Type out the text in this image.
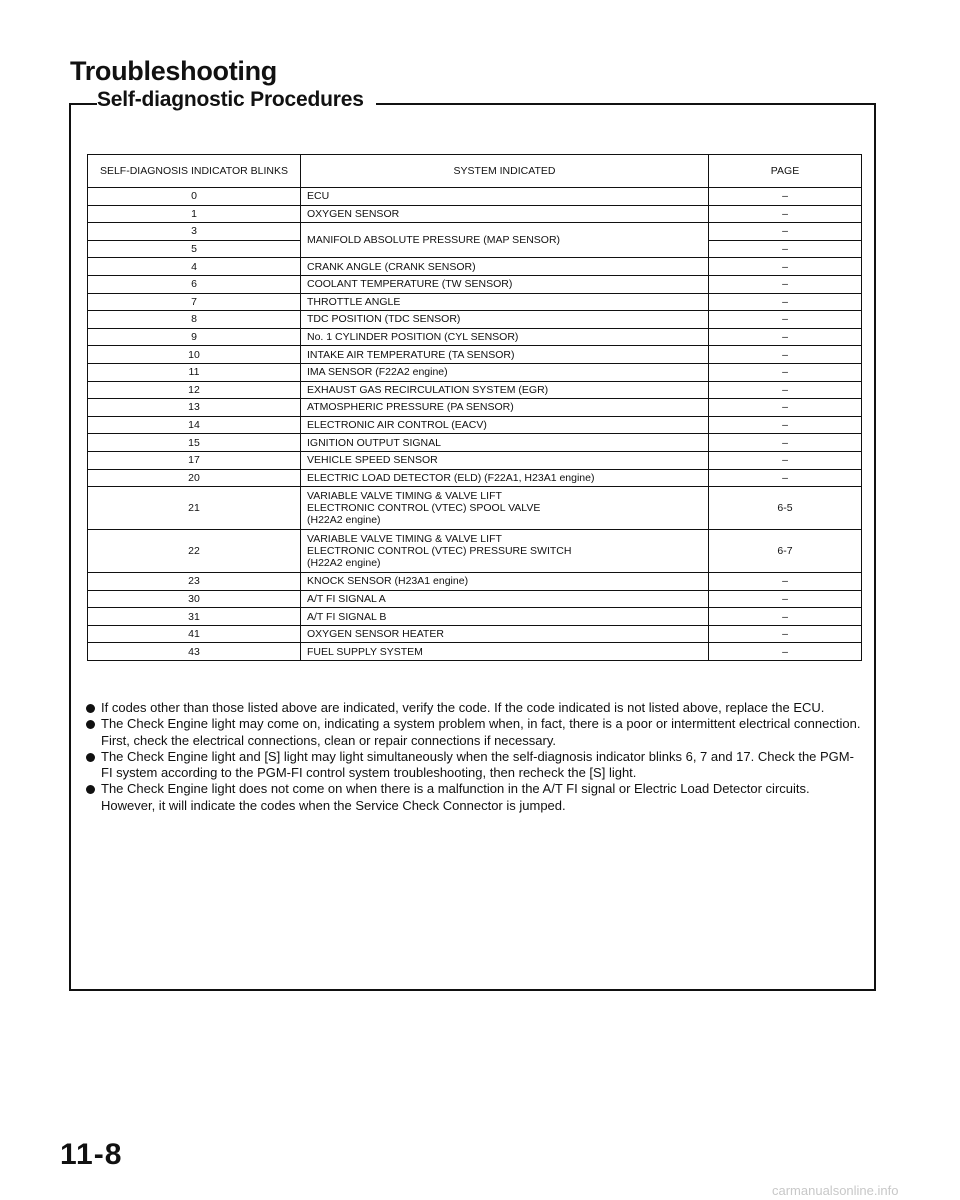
Troubleshooting
Self-diagnostic Procedures
SELF-DIAGNOSIS INDICATOR BLINKS	SYSTEM INDICATED	PAGE
0	ECU	–
1	OXYGEN SENSOR	–
3	MANIFOLD ABSOLUTE PRESSURE (MAP SENSOR)	–
5		–
4	CRANK ANGLE (CRANK SENSOR)	–
6	COOLANT TEMPERATURE (TW SENSOR)	–
7	THROTTLE ANGLE	–
8	TDC POSITION (TDC SENSOR)	–
9	No. 1 CYLINDER POSITION (CYL SENSOR)	–
10	INTAKE AIR TEMPERATURE (TA SENSOR)	–
11	IMA SENSOR (F22A2 engine)	–
12	EXHAUST GAS RECIRCULATION SYSTEM (EGR)	–
13	ATMOSPHERIC PRESSURE (PA SENSOR)	–
14	ELECTRONIC AIR CONTROL (EACV)	–
15	IGNITION OUTPUT SIGNAL	–
17	VEHICLE SPEED SENSOR	–
20	ELECTRIC LOAD DETECTOR (ELD) (F22A1, H23A1 engine)	–
21	VARIABLE VALVE TIMING & VALVE LIFT
ELECTRONIC CONTROL (VTEC) SPOOL VALVE
(H22A2 engine)	6-5
22	VARIABLE VALVE TIMING & VALVE LIFT
ELECTRONIC CONTROL (VTEC) PRESSURE SWITCH
(H22A2 engine)	6-7
23	KNOCK SENSOR (H23A1 engine)	–
30	A/T FI SIGNAL A	–
31	A/T FI SIGNAL B	–
41	OXYGEN SENSOR HEATER	–
43	FUEL SUPPLY SYSTEM	–

If codes other than those listed above are indicated, verify the code. If the code indicated is not listed above, replace the ECU.

The Check Engine light may come on, indicating a system problem when, in fact, there is a poor or intermittent electrical connection. First, check the electrical connections, clean or repair connections if necessary.

The Check Engine light and [S] light may light simultaneously when the self-diagnosis indicator blinks 6, 7 and 17. Check the PGM-FI system according to the PGM-FI control system troubleshooting, then recheck the [S] light.

The Check Engine light does not come on when there is a malfunction in the A/T FI signal or Electric Load Detector circuits. However, it will indicate the codes when the Service Check Connector is jumped.

11-8
carmanualsonline.info
